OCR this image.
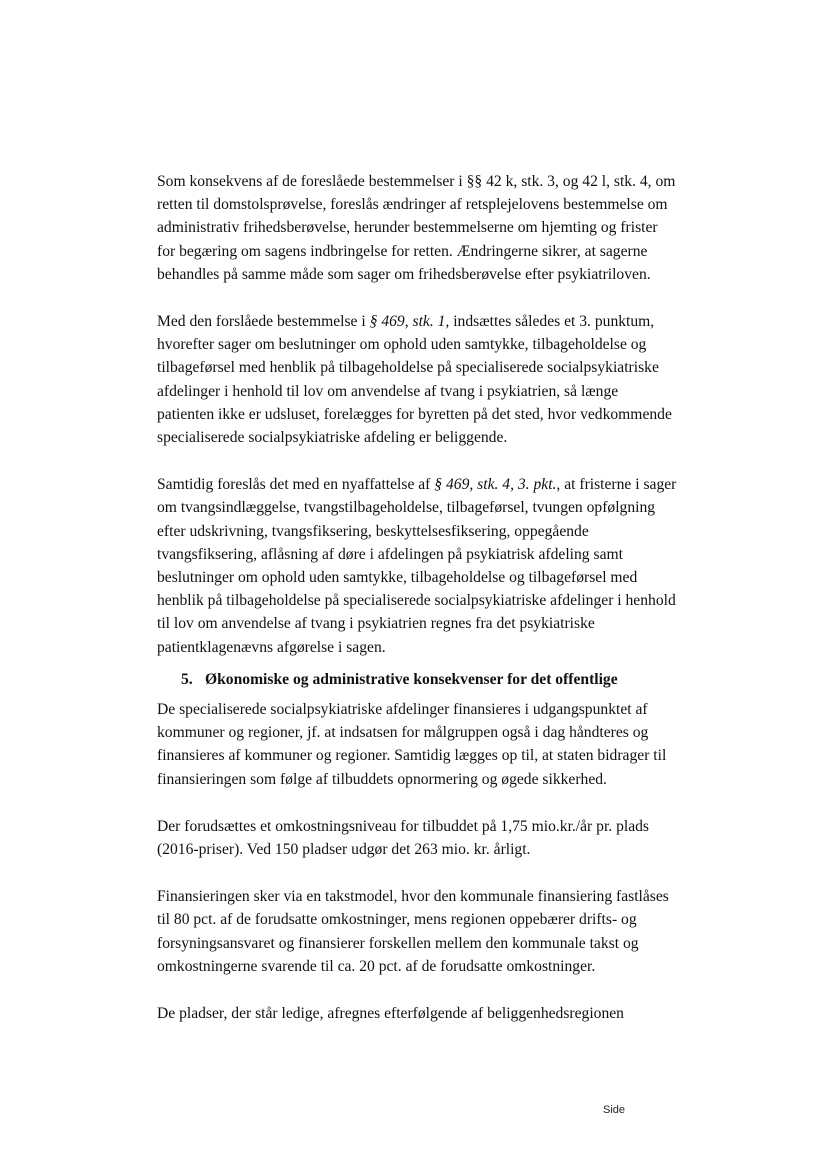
Som konsekvens af de foreslåede bestemmelser i §§ 42 k, stk. 3, og 42 l, stk. 4, om retten til domstolsprøvelse, foreslås ændringer af retsplejelovens bestemmelse om administrativ frihedsberøvelse, herunder bestemmelserne om hjemting og frister for begæring om sagens indbringelse for retten. Ændringerne sikrer, at sagerne behandles på samme måde som sager om frihedsberøvelse efter psykiatriloven.

Med den forslåede bestemmelse i § 469, stk. 1, indsættes således et 3. punktum, hvorefter sager om beslutninger om ophold uden samtykke, tilbageholdelse og tilbageførsel med henblik på tilbageholdelse på specialiserede socialpsykiatriske afdelinger i henhold til lov om anvendelse af tvang i psykiatrien, så længe patienten ikke er udsluset, forelægges for byretten på det sted, hvor vedkommende specialiserede socialpsykiatriske afdeling er beliggende.

Samtidig foreslås det med en nyaffattelse af § 469, stk. 4, 3. pkt., at fristerne i sager om tvangsindlæggelse, tvangstilbageholdelse, tilbageførsel, tvungen opfølgning efter udskrivning, tvangsfiksering, beskyttelsesfiksering, oppegående tvangsfiksering, aflåsning af døre i afdelingen på psykiatrisk afdeling samt beslutninger om ophold uden samtykke, tilbageholdelse og tilbageførsel med henblik på tilbageholdelse på specialiserede socialpsykiatriske afdelinger i henhold til lov om anvendelse af tvang i psykiatrien regnes fra det psykiatriske patientklagenævns afgørelse i sagen.

5. Økonomiske og administrative konsekvenser for det offentlige

De specialiserede socialpsykiatriske afdelinger finansieres i udgangspunktet af kommuner og regioner, jf. at indsatsen for målgruppen også i dag håndteres og finansieres af kommuner og regioner. Samtidig lægges op til, at staten bidrager til finansieringen som følge af tilbuddets opnormering og øgede sikkerhed.

Der forudsættes et omkostningsniveau for tilbuddet på 1,75 mio.kr./år pr. plads (2016-priser). Ved 150 pladser udgør det 263 mio. kr. årligt.

Finansieringen sker via en takstmodel, hvor den kommunale finansiering fastlåses til 80 pct. af de forudsatte omkostninger, mens regionen oppebærer drifts- og forsyningsansvaret og finansierer forskellen mellem den kommunale takst og omkostningerne svarende til ca. 20 pct. af de forudsatte omkostninger.

De pladser, der står ledige, afregnes efterfølgende af beliggenhedsregionen

Side
